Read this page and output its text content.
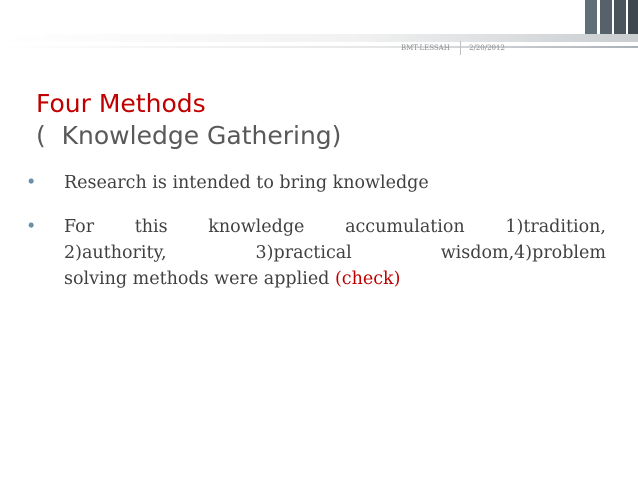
BMT-LESSAH	2/20/2012
Four Methods
(  Knowledge Gathering)
• Research is intended to bring knowledge
• For this knowledge accumulation 1)tradition,
2)authority,	3)practical	wisdom,4)problem
solving methods were applied (check)
